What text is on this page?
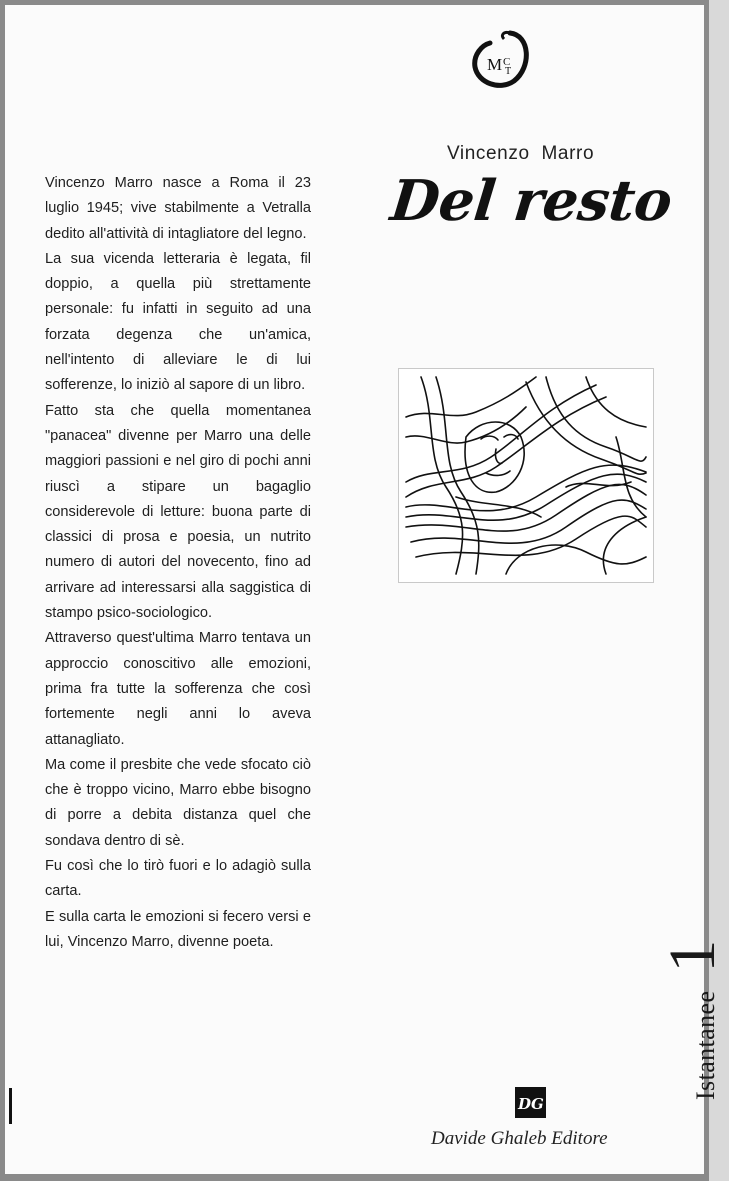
M C
T
Vincenzo Marro
Del resto

Vincenzo Marro nasce a Roma il 23 luglio 1945; vive stabilmente a Vetralla dedito all'attività di intagliatore del legno.

La sua vicenda letteraria è legata, fil doppio, a quella più strettamente personale: fu infatti in seguito ad una forzata degenza che un'amica, nell'intento di alleviare le di lui sofferenze, lo iniziò al sapore di un libro.

Fatto sta che quella momentanea "panacea" divenne per Marro una delle maggiori passioni e nel giro di pochi anni riuscì a stipare un bagaglio considerevole di letture: buona parte di classici di prosa e poesia, un nutrito numero di autori del novecento, fino ad arrivare ad interessarsi alla saggistica di stampo psico-sociologico.

Attraverso quest'ultima Marro tentava un approccio conoscitivo alle emozioni, prima fra tutte la sofferenza che così fortemente negli anni lo aveva attanagliato.

Ma come il presbite che vede sfocato ciò che è troppo vicino, Marro ebbe bisogno di porre a debita distanza quel che sondava dentro di sè.

Fu così che lo tirò fuori e lo adagiò sulla carta.

E sulla carta le emozioni si fecero versi e lui, Vincenzo Marro, divenne poeta.

Istantanee
1
DG
Davide Ghaleb Editore
